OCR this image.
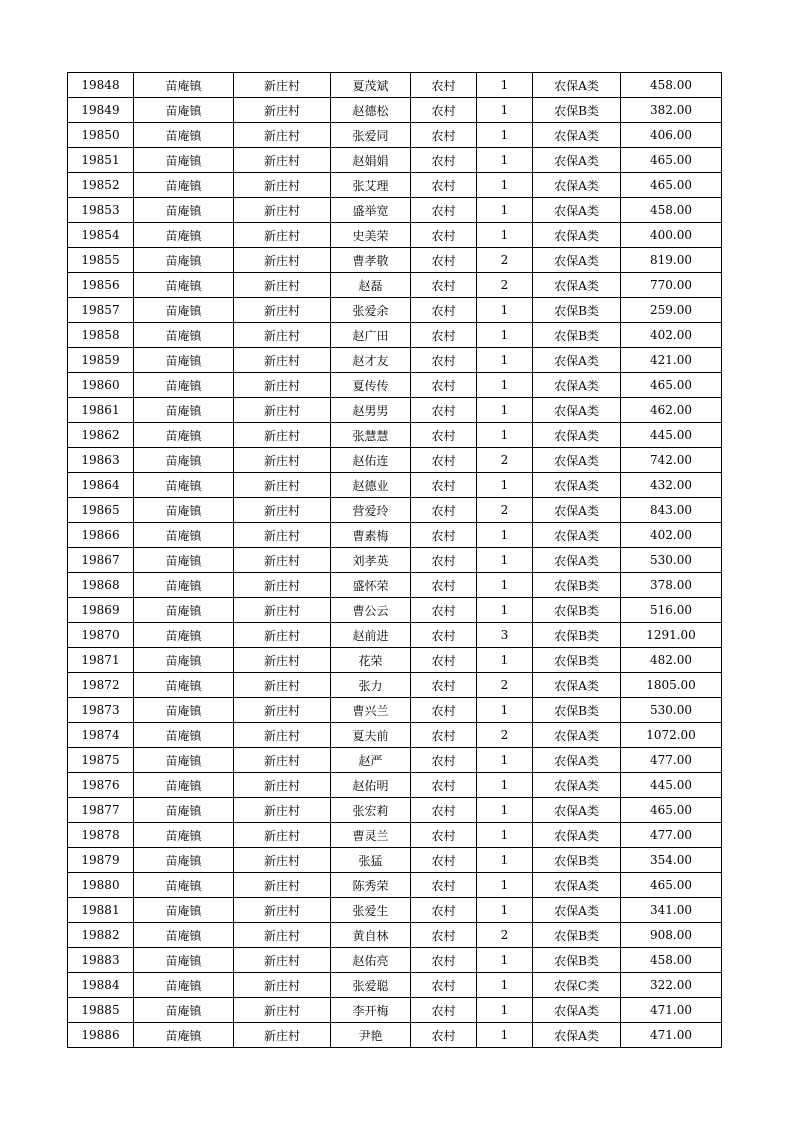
19848	苗庵镇	新庄村	夏茂斌	农村	1	农保A类	458.00
19849	苗庵镇	新庄村	赵德松	农村	1	农保B类	382.00
19850	苗庵镇	新庄村	张爱同	农村	1	农保A类	406.00
19851	苗庵镇	新庄村	赵娟娟	农村	1	农保A类	465.00
19852	苗庵镇	新庄村	张艾理	农村	1	农保A类	465.00
19853	苗庵镇	新庄村	盛举宽	农村	1	农保A类	458.00
19854	苗庵镇	新庄村	史美荣	农村	1	农保A类	400.00
19855	苗庵镇	新庄村	曹孝敬	农村	2	农保A类	819.00
19856	苗庵镇	新庄村	赵磊	农村	2	农保A类	770.00
19857	苗庵镇	新庄村	张爱余	农村	1	农保B类	259.00
19858	苗庵镇	新庄村	赵广田	农村	1	农保B类	402.00
19859	苗庵镇	新庄村	赵才友	农村	1	农保A类	421.00
19860	苗庵镇	新庄村	夏传传	农村	1	农保A类	465.00
19861	苗庵镇	新庄村	赵男男	农村	1	农保A类	462.00
19862	苗庵镇	新庄村	张慧慧	农村	1	农保A类	445.00
19863	苗庵镇	新庄村	赵佑连	农村	2	农保A类	742.00
19864	苗庵镇	新庄村	赵德业	农村	1	农保A类	432.00
19865	苗庵镇	新庄村	营爱玲	农村	2	农保A类	843.00
19866	苗庵镇	新庄村	曹素梅	农村	1	农保A类	402.00
19867	苗庵镇	新庄村	刘孝英	农村	1	农保A类	530.00
19868	苗庵镇	新庄村	盛怀荣	农村	1	农保B类	378.00
19869	苗庵镇	新庄村	曹公云	农村	1	农保B类	516.00
19870	苗庵镇	新庄村	赵前进	农村	3	农保B类	1291.00
19871	苗庵镇	新庄村	花荣	农村	1	农保B类	482.00
19872	苗庵镇	新庄村	张力	农村	2	农保A类	1805.00
19873	苗庵镇	新庄村	曹兴兰	农村	1	农保B类	530.00
19874	苗庵镇	新庄村	夏夫前	农村	2	农保A类	1072.00
19875	苗庵镇	新庄村	赵严	农村	1	农保A类	477.00
19876	苗庵镇	新庄村	赵佑明	农村	1	农保A类	445.00
19877	苗庵镇	新庄村	张宏莉	农村	1	农保A类	465.00
19878	苗庵镇	新庄村	曹灵兰	农村	1	农保A类	477.00
19879	苗庵镇	新庄村	张猛	农村	1	农保B类	354.00
19880	苗庵镇	新庄村	陈秀荣	农村	1	农保A类	465.00
19881	苗庵镇	新庄村	张爱生	农村	1	农保A类	341.00
19882	苗庵镇	新庄村	黄自林	农村	2	农保B类	908.00
19883	苗庵镇	新庄村	赵佑亮	农村	1	农保B类	458.00
19884	苗庵镇	新庄村	张爱聪	农村	1	农保C类	322.00
19885	苗庵镇	新庄村	李开梅	农村	1	农保A类	471.00
19886	苗庵镇	新庄村	尹艳	农村	1	农保A类	471.00
